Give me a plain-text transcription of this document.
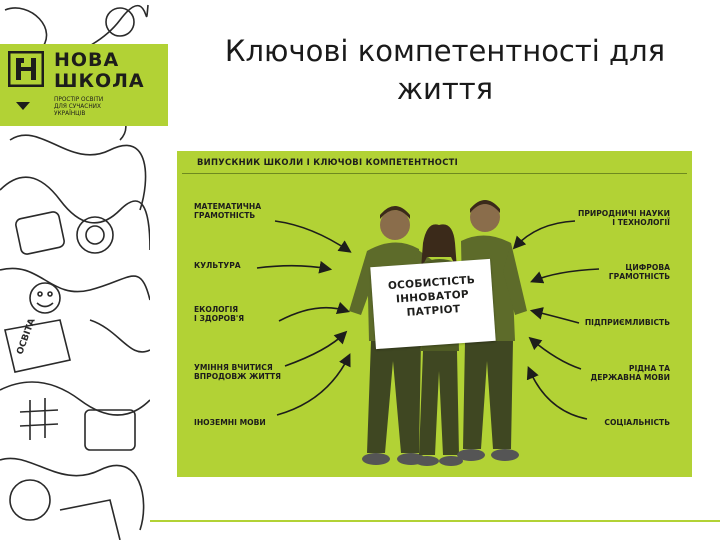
ОСВІТА
НОВА
ШКОЛА
ПРОСТІР ОСВІТИ
ДЛЯ СУЧАСНИХ
УКРАЇНЦІВ
Ключові компетентності для
життя
ВИПУСКНИК ШКОЛИ І КЛЮЧОВІ КОМПЕТЕНТНОСТІ
ОСОБИСТІСТЬ
ІННОВАТОР
ПАТРІОТ
МАТЕМАТИЧНА
ГРАМОТНІСТЬ
КУЛЬТУРА
ЕКОЛОГІЯ
І ЗДОРОВ'Я
УМІННЯ ВЧИТИСЯ
ВПРОДОВЖ ЖИТТЯ
ІНОЗЕМНІ МОВИ
ПРИРОДНИЧІ НАУКИ
І ТЕХНОЛОГІЇ
ЦИФРОВА
ГРАМОТНІСТЬ
ПІДПРИЄМЛИВІСТЬ
РІДНА ТА
ДЕРЖАВНА МОВИ
СОЦІАЛЬНІСТЬ
